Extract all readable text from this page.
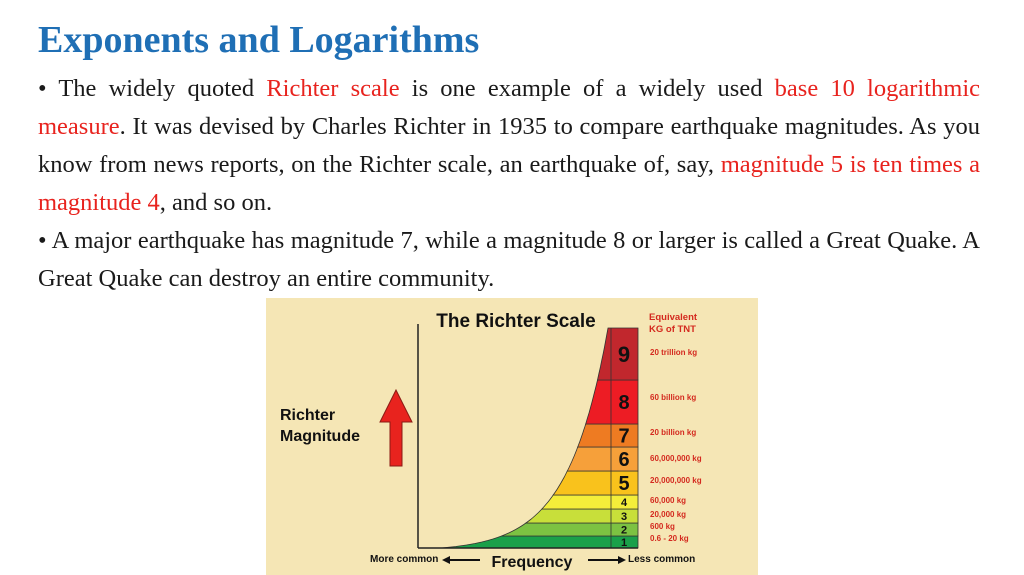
Exponents and Logarithms
• The widely quoted Richter scale is one example of a widely used base 10 logarithmic measure. It was devised by Charles Richter in 1935 to compare earthquake magnitudes. As you know from news reports, on the Richter scale, an earthquake of, say, magnitude 5 is ten times a magnitude 4, and so on.
• A major earthquake has magnitude 7, while a magnitude 8 or larger is called a Great Quake. A Great Quake can destroy an entire community.
The Richter Scale
Richter
Magnitude
Frequency
More common	Less common
Equivalent
KG of TNT
1
2
3
4
5
6
7
8
9
0.6 - 20 kg
600 kg
20,000 kg
60,000 kg
20,000,000 kg
60,000,000 kg
20 billion kg
60 billion kg
20 trillion kg
